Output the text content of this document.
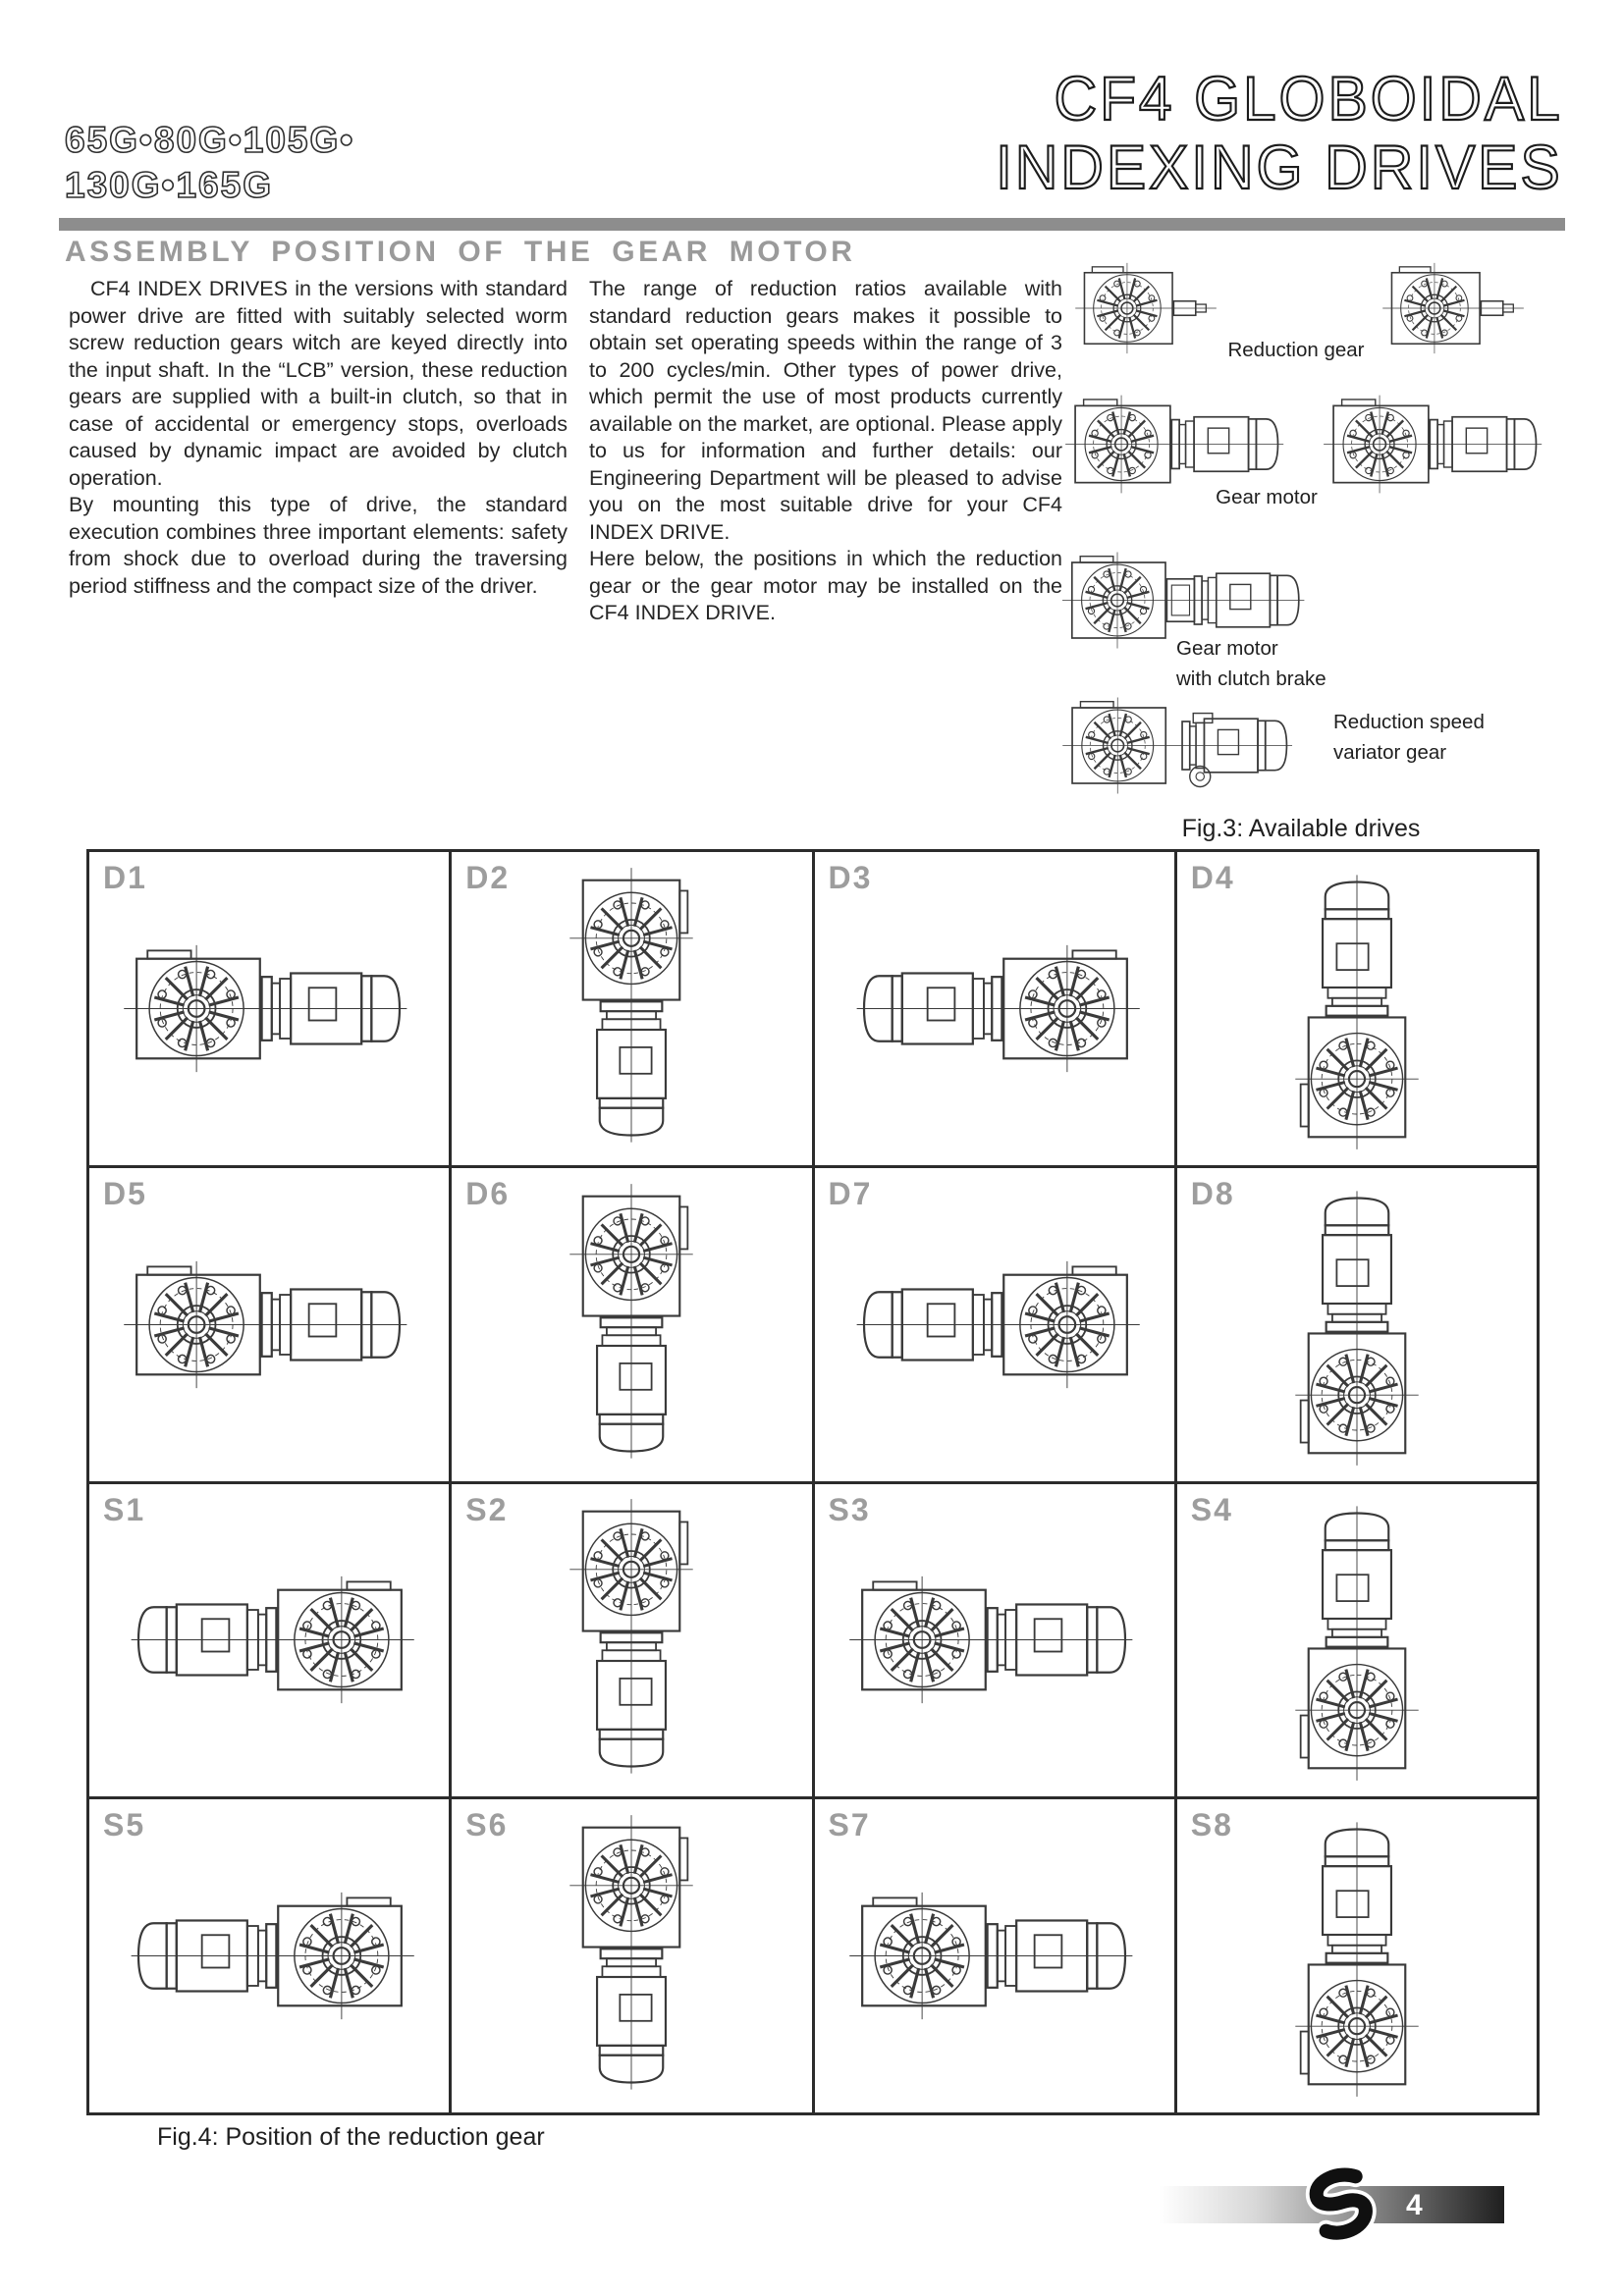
65G•80G•105G•
130G•165G
CF4 GLOBOIDAL
INDEXING DRIVES
ASSEMBLY POSITION OF THE GEAR MOTOR

CF4 INDEX DRIVES in the versions with standard power drive are fitted with suitably selected worm screw reduction gears witch are keyed directly into the input shaft. In the “LCB” version, these reduction gears are supplied with a built-in clutch, so that in case of accidental or emergency stops, overloads caused by dynamic impact are avoided by clutch operation.

By mounting this type of drive, the standard execution combines three important elements: safety from shock due to overload during the traversing period stiffness and the compact size of the driver.

The range of reduction ratios available with standard reduction gears makes it possible to obtain set operating speeds within the range of 3 to 200 cycles/min. Other types of power drive, which permit the use of most products currently available on the market, are optional. Please apply to us for information and further details: our Engineering Department will be pleased to advise you on the most suitable drive for your CF4 INDEX DRIVE.

Here below, the positions in which the reduction gear or the gear motor may be installed on the CF4 INDEX DRIVE.

Reduction gear
Gear motor
Gear motor
with clutch brake
Reduction speed
variator gear
Fig.3: Available drives
D1	D2	D3	D4
D5	D6	D7	D8
S1	S2	S3	S4
S5	S6	S7	S8
Fig.4: Position of the reduction gear
4
